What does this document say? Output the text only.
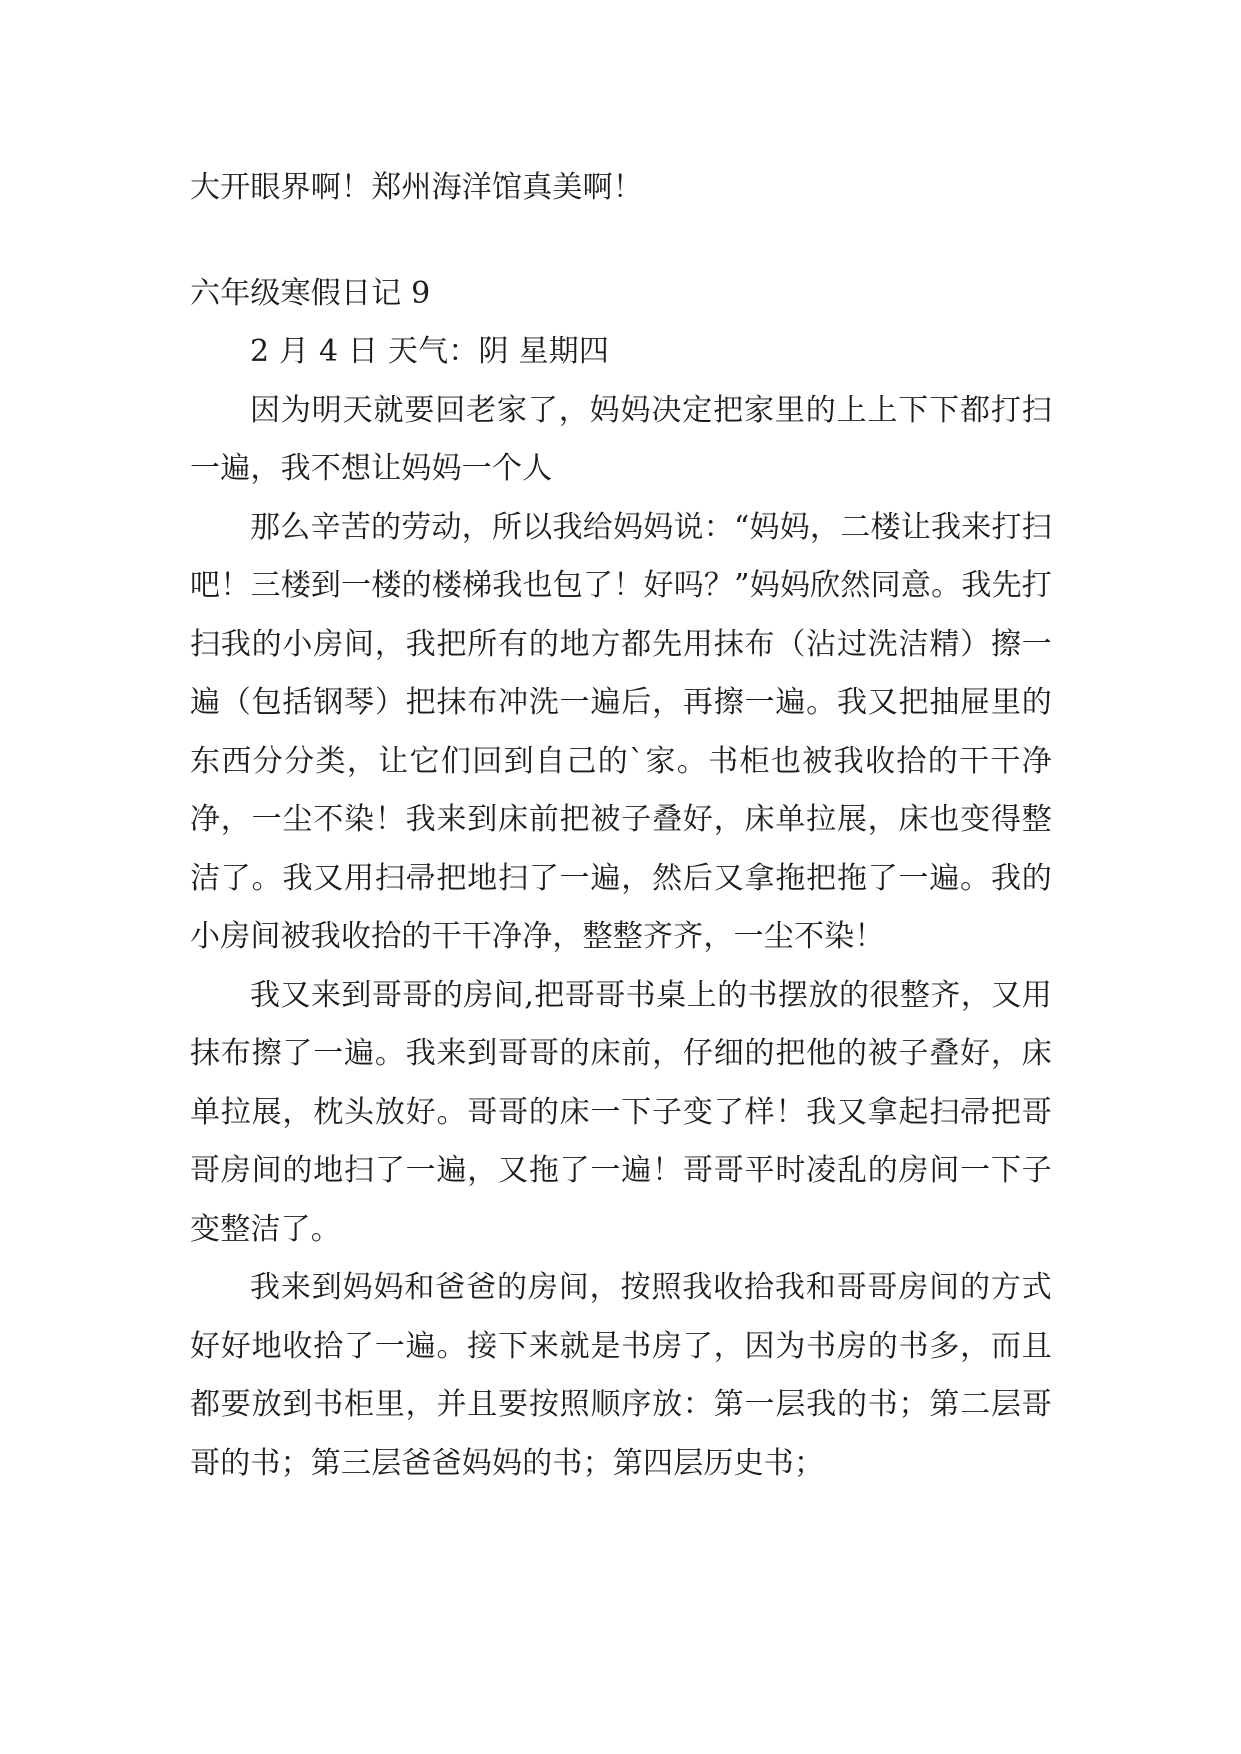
大开眼界啊！郑州海洋馆真美啊！

六年级寒假日记 9

2 月 4 日 天气：阴 星期四

因为明天就要回老家了，妈妈决定把家里的上上下下都打扫一遍，我不想让妈妈一个人

那么辛苦的劳动，所以我给妈妈说：“妈妈，二楼让我来打扫吧！三楼到一楼的楼梯我也包了！好吗？”妈妈欣然同意。我先打扫我的小房间，我把所有的地方都先用抹布（沾过洗洁精）擦一遍（包括钢琴）把抹布冲洗一遍后，再擦一遍。我又把抽屉里的东西分分类，让它们回到自己的`家。书柜也被我收拾的干干净净，一尘不染！我来到床前把被子叠好，床单拉展，床也变得整洁了。我又用扫帚把地扫了一遍，然后又拿拖把拖了一遍。我的小房间被我收拾的干干净净，整整齐齐，一尘不染！

我又来到哥哥的房间,把哥哥书桌上的书摆放的很整齐，又用抹布擦了一遍。我来到哥哥的床前，仔细的把他的被子叠好，床单拉展，枕头放好。哥哥的床一下子变了样！我又拿起扫帚把哥哥房间的地扫了一遍，又拖了一遍！哥哥平时凌乱的房间一下子变整洁了。

我来到妈妈和爸爸的房间，按照我收拾我和哥哥房间的方式好好地收拾了一遍。接下来就是书房了，因为书房的书多，而且都要放到书柜里，并且要按照顺序放：第一层我的书；第二层哥哥的书；第三层爸爸妈妈的书；第四层历史书；
